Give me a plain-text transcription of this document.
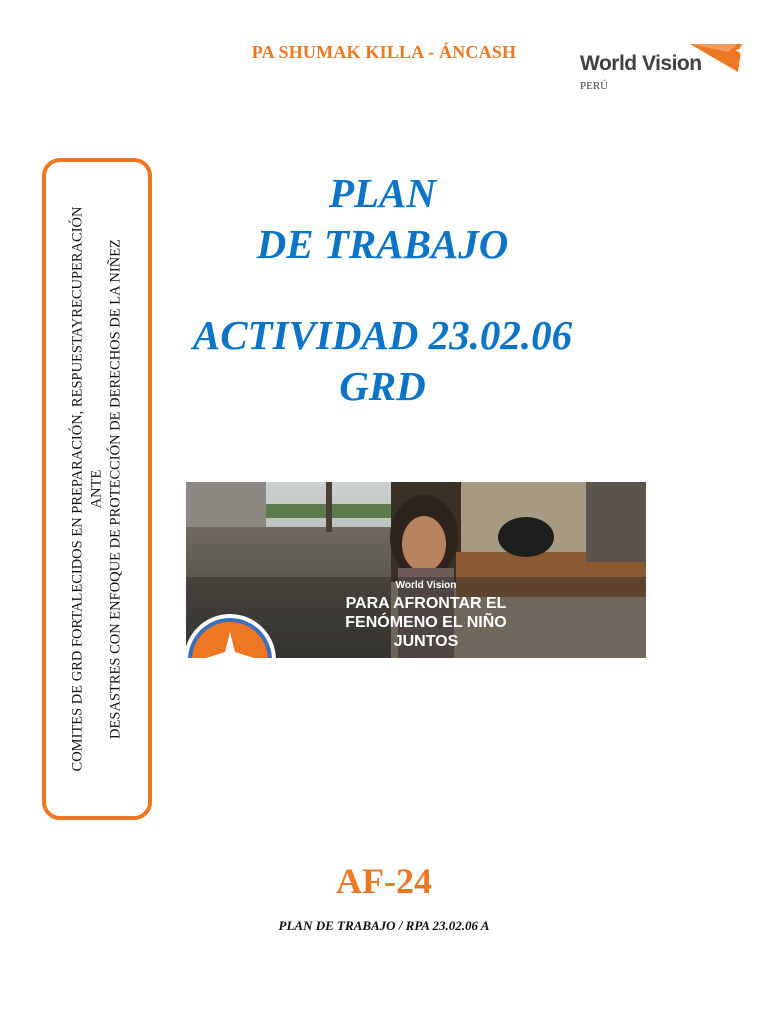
PA SHUMAK KILLA - ÁNCASH	World Vision
PERÚ
COMITES DE GRD FORTALECIDOS EN PREPARACIÓN, RESPUESTAYRECUPERACIÓN ANTE DESASTRES CON ENFOQUE DE PROTECCIÓN DE DERECHOS DE LA NIÑEZ
PLAN
DE TRABAJO
ACTIVIDAD 23.02.06
GRD
World Vision
PARA AFRONTAR EL
FENÓMENO EL NIÑO
JUNTOS
AF-24
PLAN DE TRABAJO / RPA 23.02.06 A
